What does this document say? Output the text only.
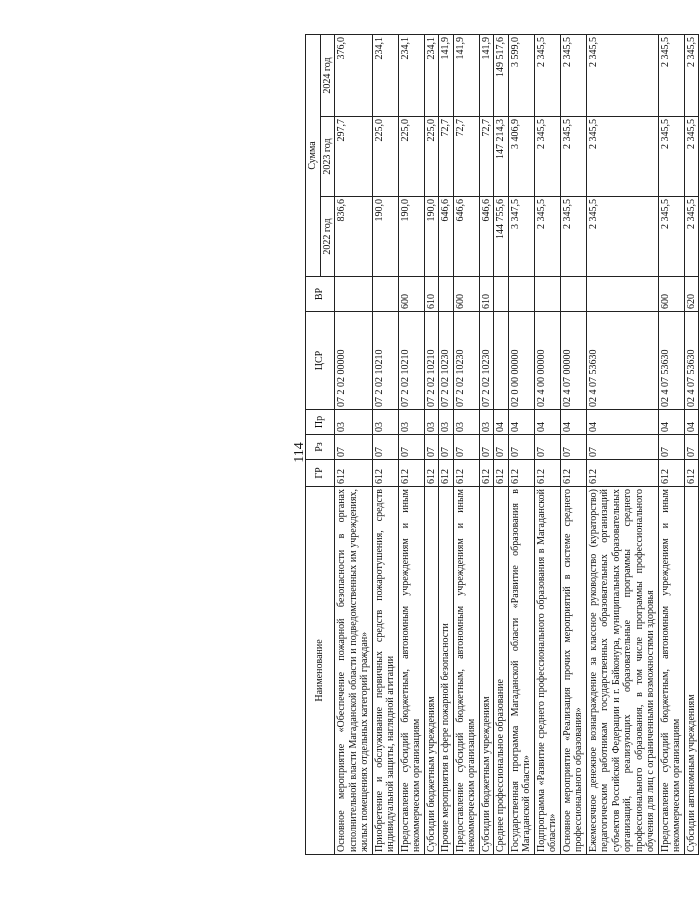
114
Наименование	ГР	Рз	Пр	ЦСР	ВР	Сумма		
						2022 год	2023 год	2024 год
Основное мероприятие «Обеспечение пожарной безопасности в органах исполнительной власти Магаданской области и подведомственных им учреждениях, жилых помещениях отдельных категорий граждан»	612	07	03	07 2 02 00000		836,6	297,7	376,0
Приобретение и обслуживание первичных средств пожаротушения, средств индивидуальной защиты, наглядной агитации	612	07	03	07 2 02 10210		190,0	225,0	234,1
Предоставление субсидий бюджетным, автономным учреждениям и иным некоммерческим организациям	612	07	03	07 2 02 10210	600	190,0	225,0	234,1
Субсидии бюджетным учреждениям	612	07	03	07 2 02 10210	610	190,0	225,0	234,1
Прочие мероприятия в сфере пожарной безопасности	612	07	03	07 2 02 10230		646,6	72,7	141,9
Предоставление субсидий бюджетным, автономным учреждениям и иным некоммерческим организациям	612	07	03	07 2 02 10230	600	646,6	72,7	141,9
Субсидии бюджетным учреждениям	612	07	03	07 2 02 10230	610	646,6	72,7	141,9
Среднее профессиональное образование	612	07	04			144 755,6	147 214,3	149 517,6
Государственная программа Магаданской области «Развитие образования в Магаданской области»	612	07	04	02 0 00 00000		3 347,5	3 406,9	3 599,0
Подпрограмма «Развитие среднего профессионального образования в Магаданской области»	612	07	04	02 4 00 00000		2 345,5	2 345,5	2 345,5
Основное мероприятие «Реализация прочих мероприятий в системе среднего профессионального образования»	612	07	04	02 4 07 00000		2 345,5	2 345,5	2 345,5
Ежемесячное денежное вознаграждение за классное руководство (кураторство) педагогическим работникам государственных образовательных организаций субъектов Российской Федерации и г. Байконура, муниципальных образовательных организаций, реализующих образовательные программы среднего профессионального образования, в том числе программы профессионального обучения для лиц с ограниченными возможностями здоровья	612	07	04	02 4 07 53630		2 345,5	2 345,5	2 345,5
Предоставление субсидий бюджетным, автономным учреждениям и иным некоммерческим организациям	612	07	04	02 4 07 53630	600	2 345,5	2 345,5	2 345,5
Субсидии автономным учреждениям	612	07	04	02 4 07 53630	620	2 345,5	2 345,5	2 345,5
